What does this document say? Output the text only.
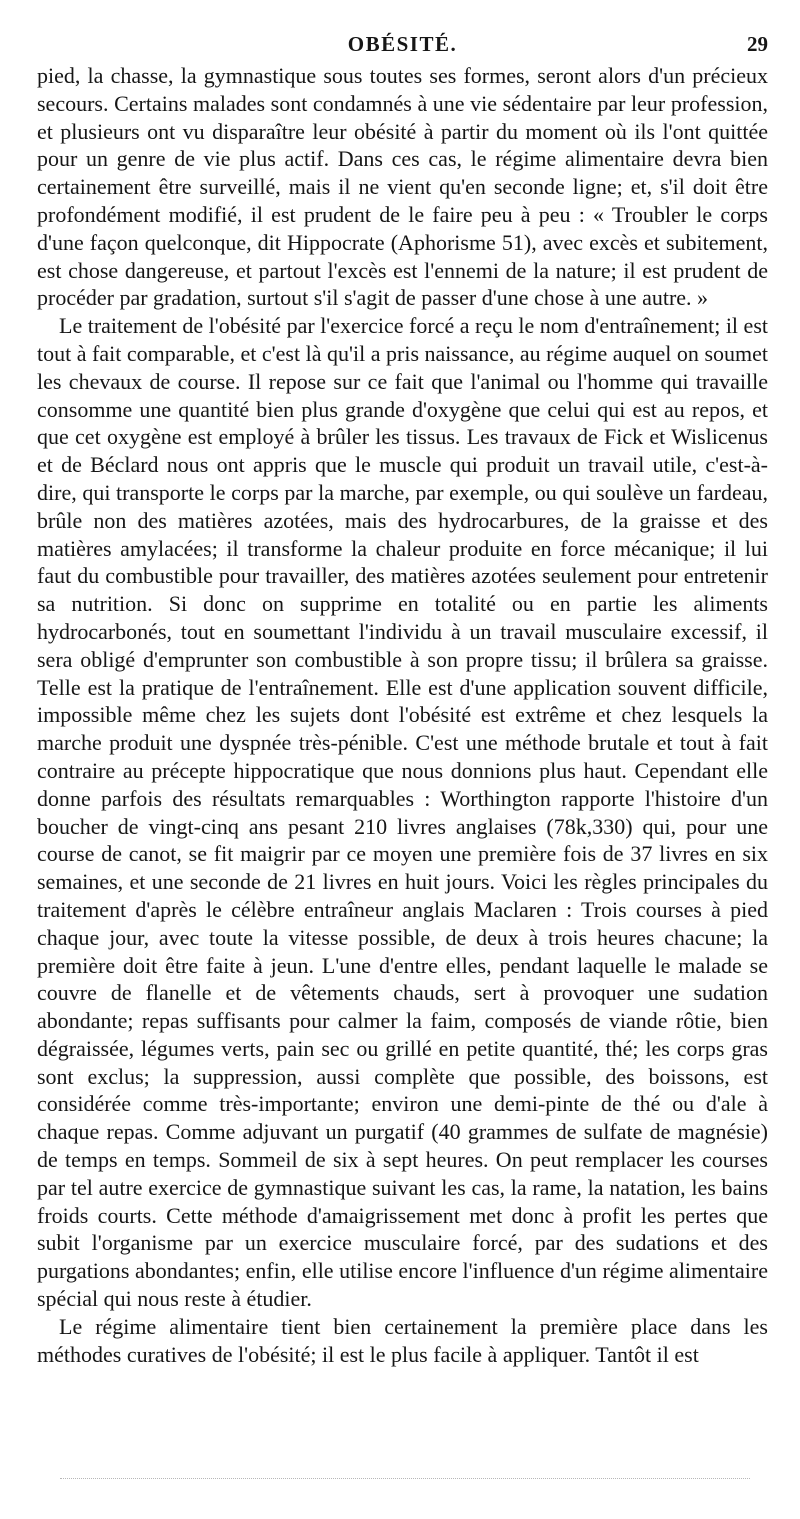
OBÉSITÉ.	29

pied, la chasse, la gymnastique sous toutes ses formes, seront alors d'un précieux secours. Certains malades sont condamnés à une vie sédentaire par leur profession, et plusieurs ont vu disparaître leur obésité à partir du moment où ils l'ont quittée pour un genre de vie plus actif. Dans ces cas, le régime alimentaire devra bien certainement être surveillé, mais il ne vient qu'en seconde ligne; et, s'il doit être profondément modifié, il est prudent de le faire peu à peu : « Troubler le corps d'une façon quelconque, dit Hippocrate (Aphorisme 51), avec excès et subitement, est chose dangereuse, et partout l'excès est l'ennemi de la nature; il est prudent de procéder par gradation, surtout s'il s'agit de passer d'une chose à une autre. »

Le traitement de l'obésité par l'exercice forcé a reçu le nom d'entraînement; il est tout à fait comparable, et c'est là qu'il a pris naissance, au régime auquel on soumet les chevaux de course. Il repose sur ce fait que l'animal ou l'homme qui travaille consomme une quantité bien plus grande d'oxygène que celui qui est au repos, et que cet oxygène est employé à brûler les tissus. Les travaux de Fick et Wislicenus et de Béclard nous ont appris que le muscle qui produit un travail utile, c'est-à-dire, qui transporte le corps par la marche, par exemple, ou qui soulève un fardeau, brûle non des matières azotées, mais des hydrocarbures, de la graisse et des matières amylacées; il transforme la chaleur produite en force mécanique; il lui faut du combustible pour travailler, des matières azotées seulement pour entretenir sa nutrition. Si donc on supprime en totalité ou en partie les aliments hydrocarbonés, tout en soumettant l'individu à un travail musculaire excessif, il sera obligé d'emprunter son combustible à son propre tissu; il brûlera sa graisse. Telle est la pratique de l'entraînement. Elle est d'une application souvent difficile, impossible même chez les sujets dont l'obésité est extrême et chez lesquels la marche produit une dyspnée très-pénible. C'est une méthode brutale et tout à fait contraire au précepte hippocratique que nous donnions plus haut. Cependant elle donne parfois des résultats remarquables : Worthington rapporte l'histoire d'un boucher de vingt-cinq ans pesant 210 livres anglaises (78k,330) qui, pour une course de canot, se fit maigrir par ce moyen une première fois de 37 livres en six semaines, et une seconde de 21 livres en huit jours. Voici les règles principales du traitement d'après le célèbre entraîneur anglais Maclaren : Trois courses à pied chaque jour, avec toute la vitesse possible, de deux à trois heures chacune; la première doit être faite à jeun. L'une d'entre elles, pendant laquelle le malade se couvre de flanelle et de vêtements chauds, sert à provoquer une sudation abondante; repas suffisants pour calmer la faim, composés de viande rôtie, bien dégraissée, légumes verts, pain sec ou grillé en petite quantité, thé; les corps gras sont exclus; la suppression, aussi complète que possible, des boissons, est considérée comme très-importante; environ une demi-pinte de thé ou d'ale à chaque repas. Comme adjuvant un purgatif (40 grammes de sulfate de magnésie) de temps en temps. Sommeil de six à sept heures. On peut remplacer les courses par tel autre exercice de gymnastique suivant les cas, la rame, la natation, les bains froids courts. Cette méthode d'amaigrissement met donc à profit les pertes que subit l'organisme par un exercice musculaire forcé, par des sudations et des purgations abondantes; enfin, elle utilise encore l'influence d'un régime alimentaire spécial qui nous reste à étudier.

Le régime alimentaire tient bien certainement la première place dans les méthodes curatives de l'obésité; il est le plus facile à appliquer. Tantôt il est
